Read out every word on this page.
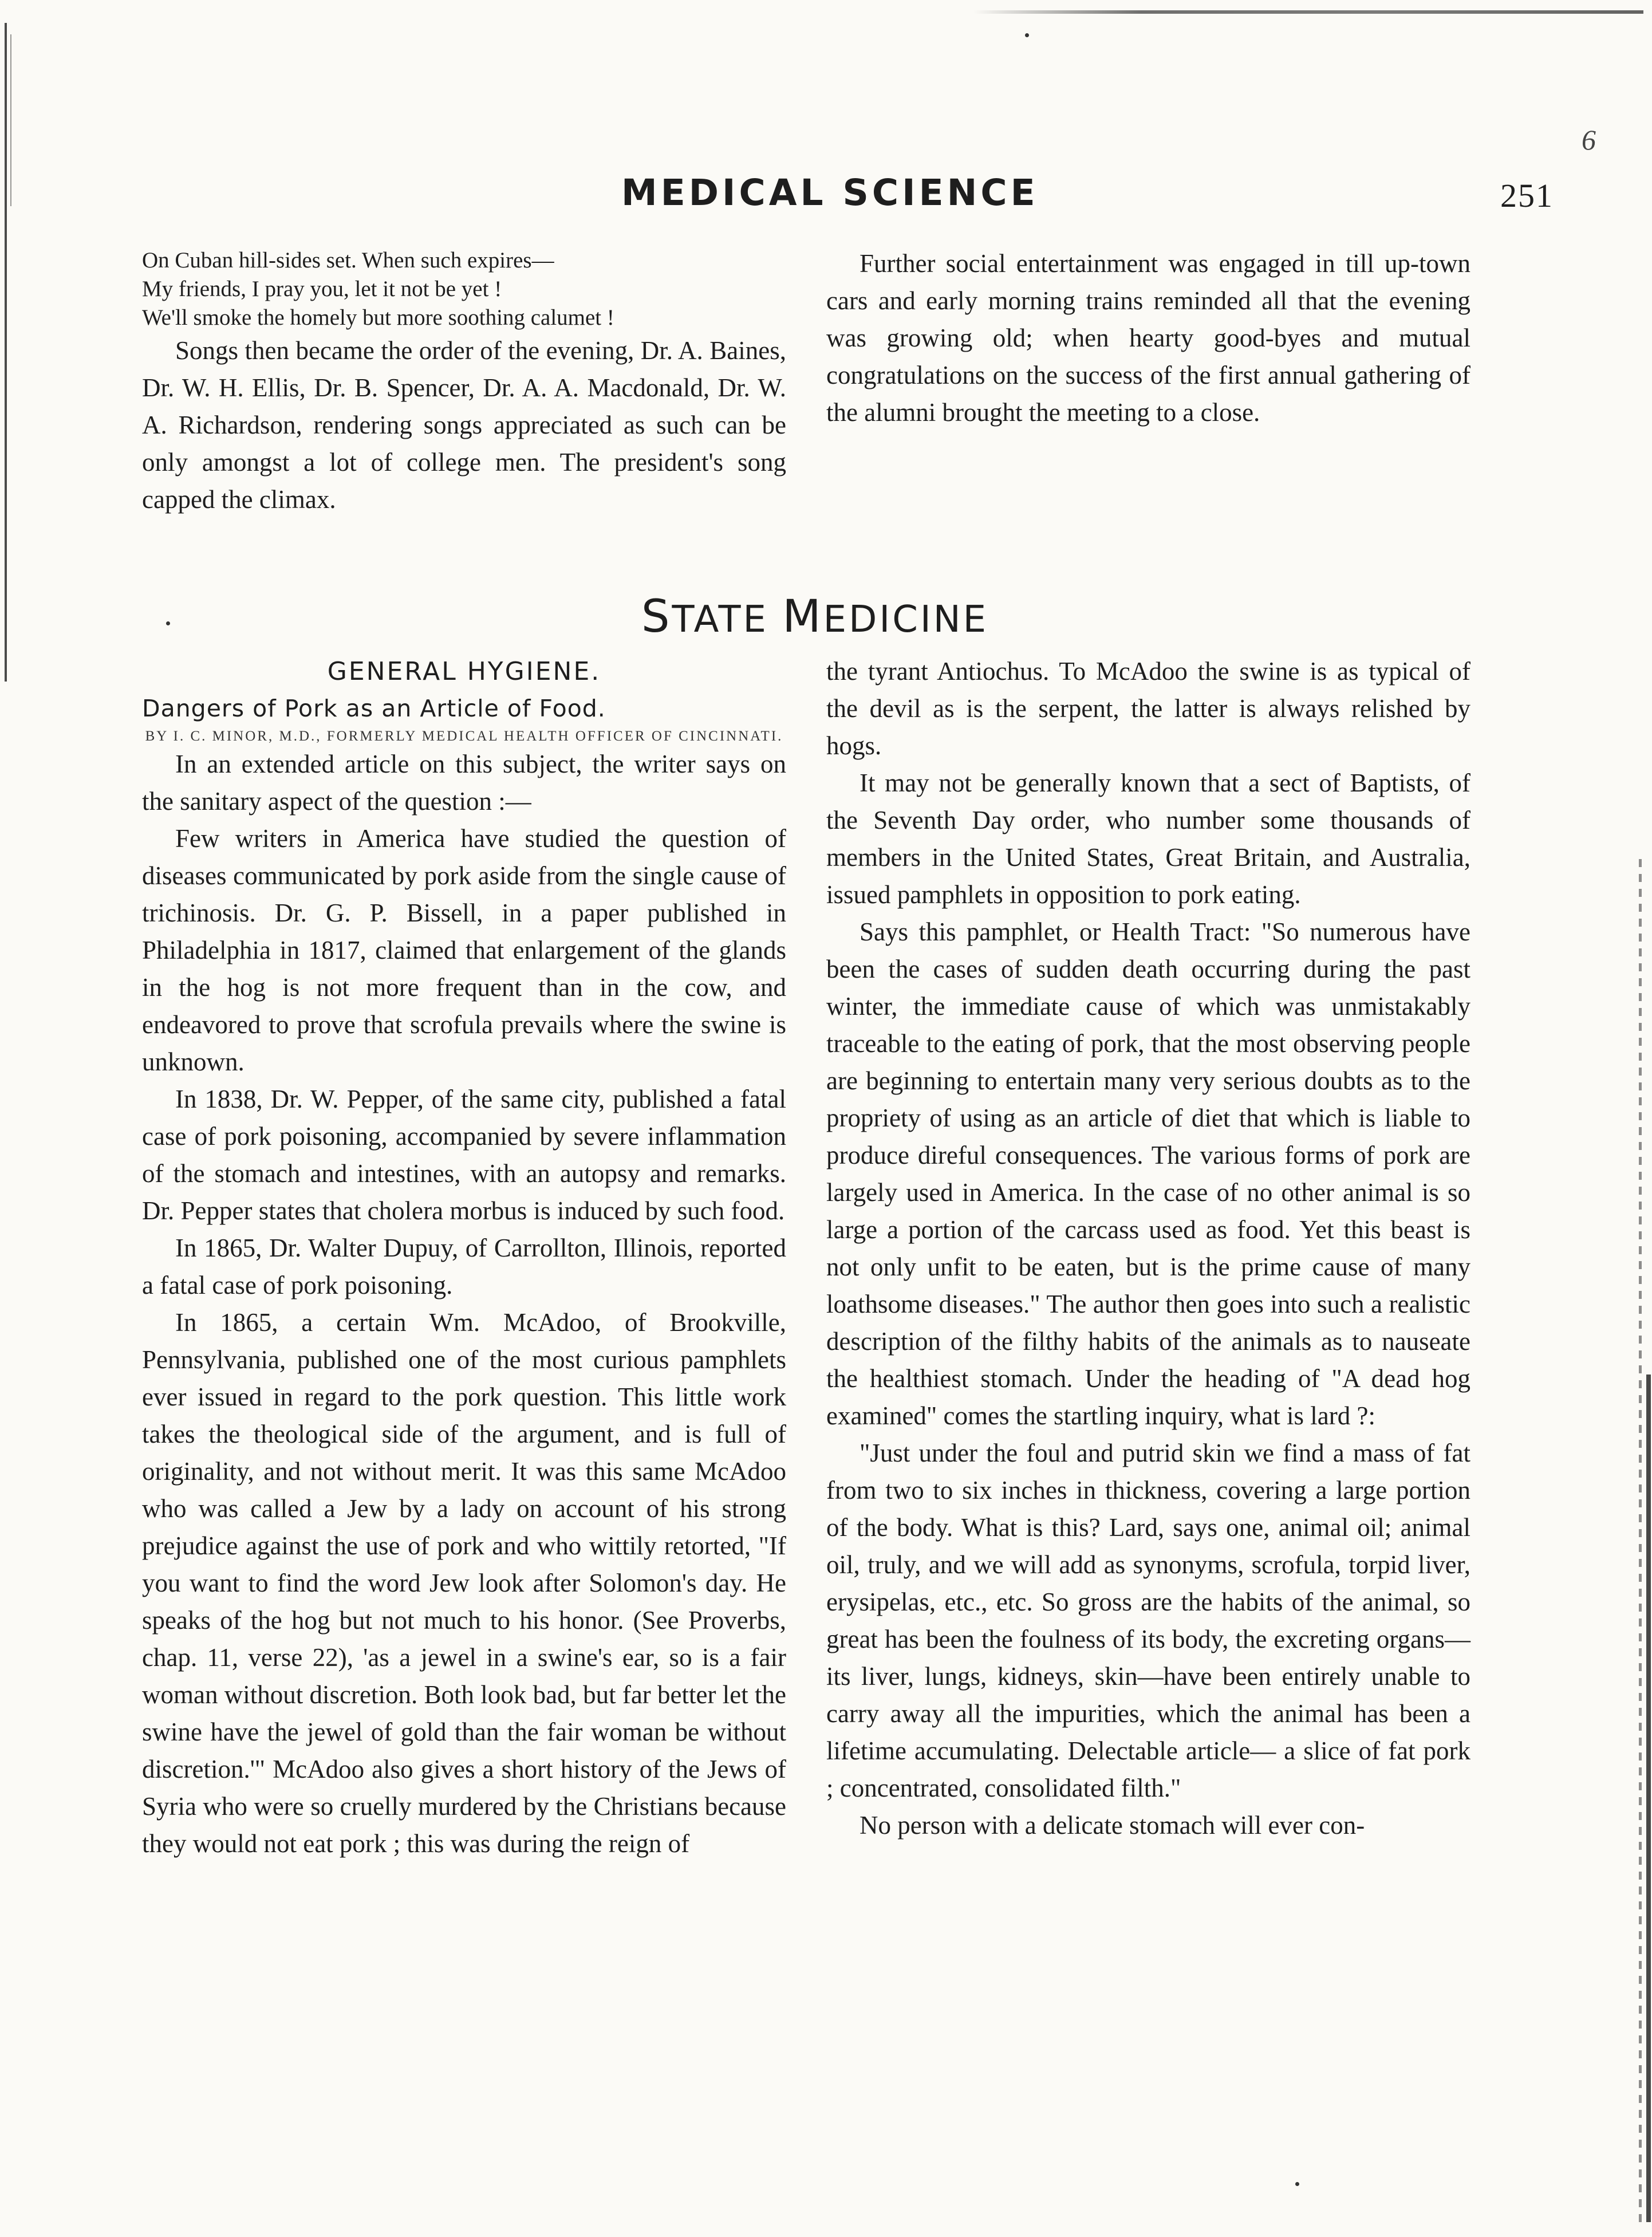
6
MEDICAL SCIENCE	251

On Cuban hill-sides set. When such expires—

My friends, I pray you, let it not be yet !

We'll smoke the homely but more soothing calumet !

Songs then became the order of the evening, Dr. A. Baines, Dr. W. H. Ellis, Dr. B. Spencer, Dr. A. A. Macdonald, Dr. W. A. Richardson, rendering songs appreciated as such can be only amongst a lot of college men. The president's song capped the climax.

Further social entertainment was engaged in till up-town cars and early morning trains reminded all that the evening was growing old; when hearty good-byes and mutual congratulations on the success of the first annual gathering of the alumni brought the meeting to a close.

STATE MEDICINE

GENERAL HYGIENE.

Dangers of Pork as an Article of Food.

BY I. C. MINOR, M.D., FORMERLY MEDICAL HEALTH OFFICER OF CINCINNATI.

In an extended article on this subject, the writer says on the sanitary aspect of the question :—

Few writers in America have studied the question of diseases communicated by pork aside from the single cause of trichinosis. Dr. G. P. Bissell, in a paper published in Philadelphia in 1817, claimed that enlargement of the glands in the hog is not more frequent than in the cow, and endeavored to prove that scrofula prevails where the swine is unknown.

In 1838, Dr. W. Pepper, of the same city, published a fatal case of pork poisoning, accompanied by severe inflammation of the stomach and intestines, with an autopsy and remarks. Dr. Pepper states that cholera morbus is induced by such food.

In 1865, Dr. Walter Dupuy, of Carrollton, Illinois, reported a fatal case of pork poisoning.

In 1865, a certain Wm. McAdoo, of Brookville, Pennsylvania, published one of the most curious pamphlets ever issued in regard to the pork question. This little work takes the theological side of the argument, and is full of originality, and not without merit. It was this same McAdoo who was called a Jew by a lady on account of his strong prejudice against the use of pork and who wittily retorted, "If you want to find the word Jew look after Solomon's day. He speaks of the hog but not much to his honor. (See Proverbs, chap. 11, verse 22), 'as a jewel in a swine's ear, so is a fair woman without discretion. Both look bad, but far better let the swine have the jewel of gold than the fair woman be without discretion.'" McAdoo also gives a short history of the Jews of Syria who were so cruelly murdered by the Christians because they would not eat pork ; this was during the reign of

the tyrant Antiochus. To McAdoo the swine is as typical of the devil as is the serpent, the latter is always relished by hogs.

It may not be generally known that a sect of Baptists, of the Seventh Day order, who number some thousands of members in the United States, Great Britain, and Australia, issued pamphlets in opposition to pork eating.

Says this pamphlet, or Health Tract: "So numerous have been the cases of sudden death occurring during the past winter, the immediate cause of which was unmistakably traceable to the eating of pork, that the most observing people are beginning to entertain many very serious doubts as to the propriety of using as an article of diet that which is liable to produce direful consequences. The various forms of pork are largely used in America. In the case of no other animal is so large a portion of the carcass used as food. Yet this beast is not only unfit to be eaten, but is the prime cause of many loathsome diseases." The author then goes into such a realistic description of the filthy habits of the animals as to nauseate the healthiest stomach. Under the heading of "A dead hog examined" comes the startling inquiry, what is lard ?:

"Just under the foul and putrid skin we find a mass of fat from two to six inches in thickness, covering a large portion of the body. What is this? Lard, says one, animal oil; animal oil, truly, and we will add as synonyms, scrofula, torpid liver, erysipelas, etc., etc. So gross are the habits of the animal, so great has been the foulness of its body, the excreting organs—its liver, lungs, kidneys, skin—have been entirely unable to carry away all the impurities, which the animal has been a lifetime accumulating. Delectable article— a slice of fat pork ; concentrated, consolidated filth."

No person with a delicate stomach will ever con-
